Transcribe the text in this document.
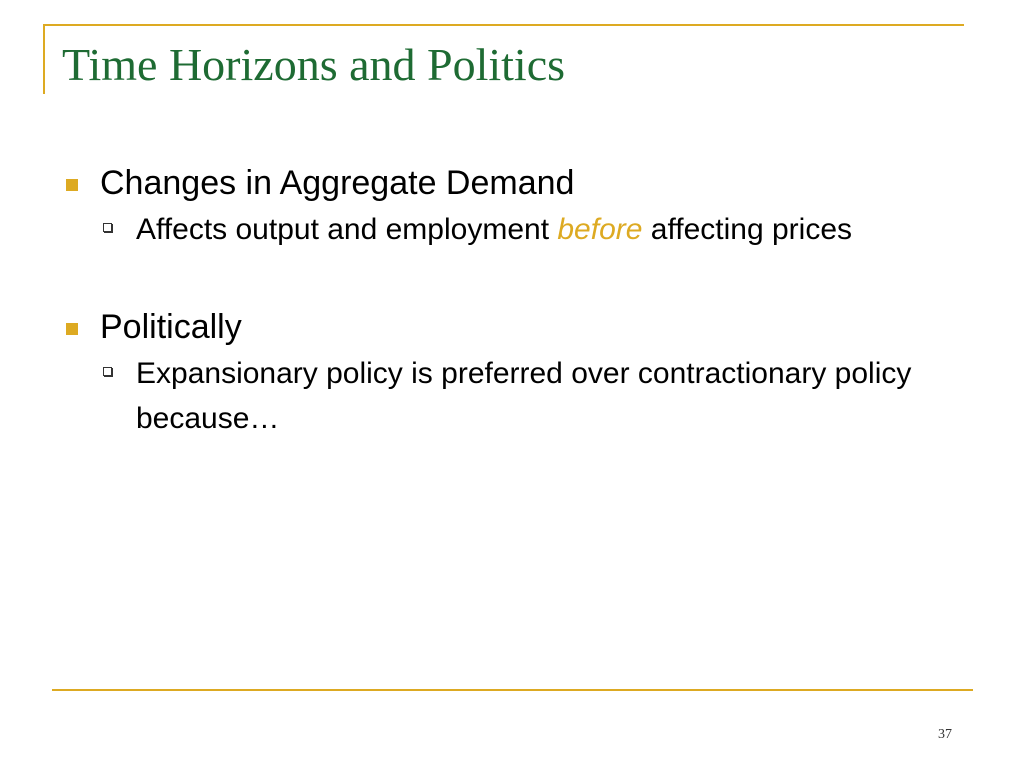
Time Horizons and Politics
Changes in Aggregate Demand
Affects output and employment before affecting prices
Politically
Expansionary policy is preferred over contractionary policy because…
37
